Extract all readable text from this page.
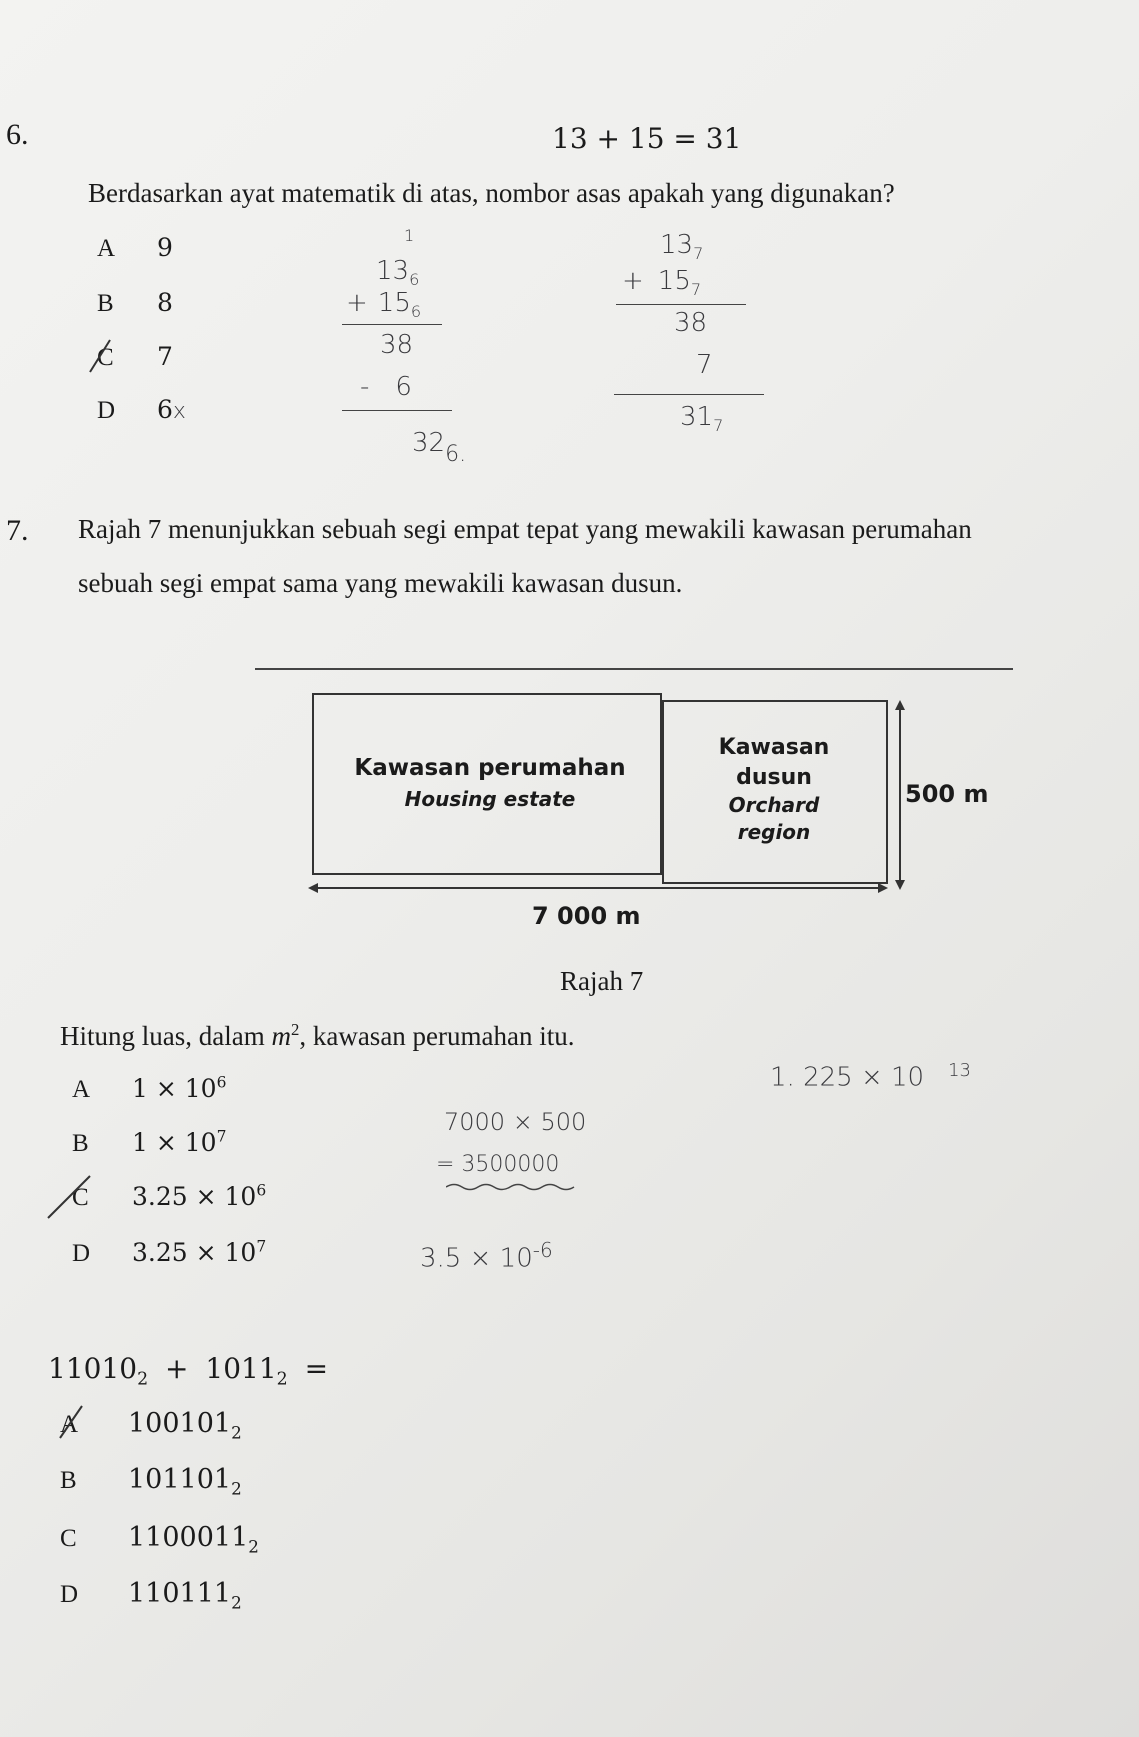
6.	13 + 15 = 31
Berdasarkan ayat matematik di atas, nombor asas apakah yang digunakan?
A 9
B 8
C 7
D 6x
1
$13_6$
+ $15_6$
38
- 6
$32_{6.}$
$13_7$
+ $15_7$
38
7
$31_7$
7. Rajah 7 menunjukkan sebuah segi empat tepat yang mewakili kawasan perumahan
sebuah segi empat sama yang mewakili kawasan dusun.
Kawasan perumahan
Housing estate
Kawasan
dusun
Orchard
region
500 m
7 000 m
Rajah 7
Hitung luas, dalam $m^2$, kawasan perumahan itu.
A $1 \times 10^6$
B $1 \times 10^7$
C $3.25 \times 10^6$
D $3.25 \times 10^7$
1. 225 × 10 $^{13}$
7000 × 500
= 3500000
$3.5 \times 10^{-6}$
$11010_2 + 1011_2$ =
A $100101_2$
B $101101_2$
C $1100011_2$
D $110111_2$
